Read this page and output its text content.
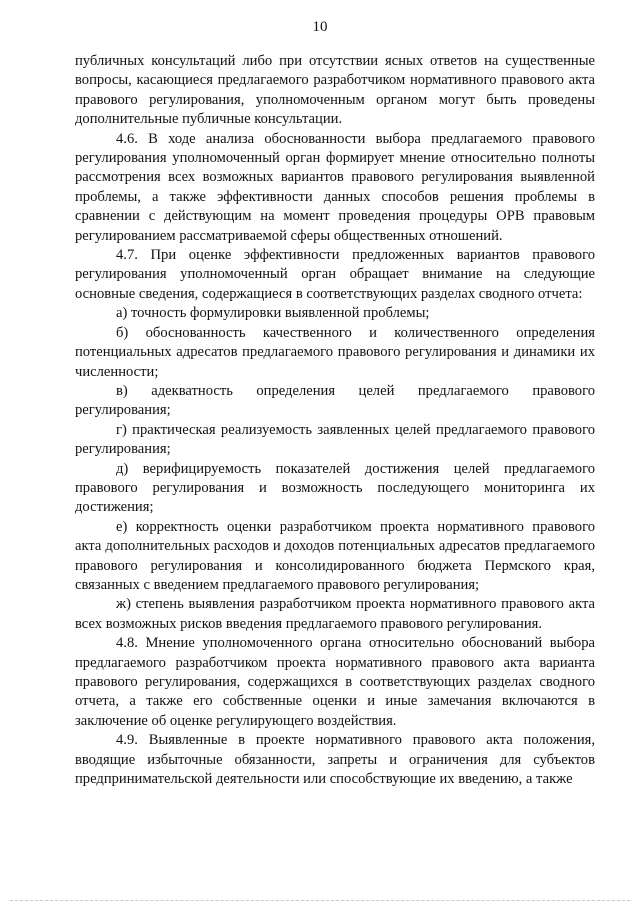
10

публичных консультаций либо при отсутствии ясных ответов на существенные вопросы, касающиеся предлагаемого разработчиком нормативного правового акта правового регулирования, уполномоченным органом могут быть проведены дополнительные публичные консультации.

4.6. В ходе анализа обоснованности выбора предлагаемого правового регулирования уполномоченный орган формирует мнение относительно полноты рассмотрения всех возможных вариантов правового регулирования выявленной проблемы, а также эффективности данных способов решения проблемы в сравнении с действующим на момент проведения процедуры ОРВ правовым регулированием рассматриваемой сферы общественных отношений.

4.7. При оценке эффективности предложенных вариантов правового регулирования уполномоченный орган обращает внимание на следующие основные сведения, содержащиеся в соответствующих разделах сводного отчета:

а) точность формулировки выявленной проблемы;

б) обоснованность качественного и количественного определения потенциальных адресатов предлагаемого правового регулирования и динамики их численности;

в) адекватность определения целей предлагаемого правового регулирования;

г) практическая реализуемость заявленных целей предлагаемого правового регулирования;

д) верифицируемость показателей достижения целей предлагаемого правового регулирования и возможность последующего мониторинга их достижения;

е) корректность оценки разработчиком проекта нормативного правового акта дополнительных расходов и доходов потенциальных адресатов предлагаемого правового регулирования и консолидированного бюджета Пермского края, связанных с введением предлагаемого правового регулирования;

ж) степень выявления разработчиком проекта нормативного правового акта всех возможных рисков введения предлагаемого правового регулирования.

4.8. Мнение уполномоченного органа относительно обоснований выбора предлагаемого разработчиком проекта нормативного правового акта варианта правового регулирования, содержащихся в соответствующих разделах сводного отчета, а также его собственные оценки и иные замечания включаются в заключение об оценке регулирующего воздействия.

4.9. Выявленные в проекте нормативного правового акта положения, вводящие избыточные обязанности, запреты и ограничения для субъектов предпринимательской деятельности или способствующие их введению, а также
